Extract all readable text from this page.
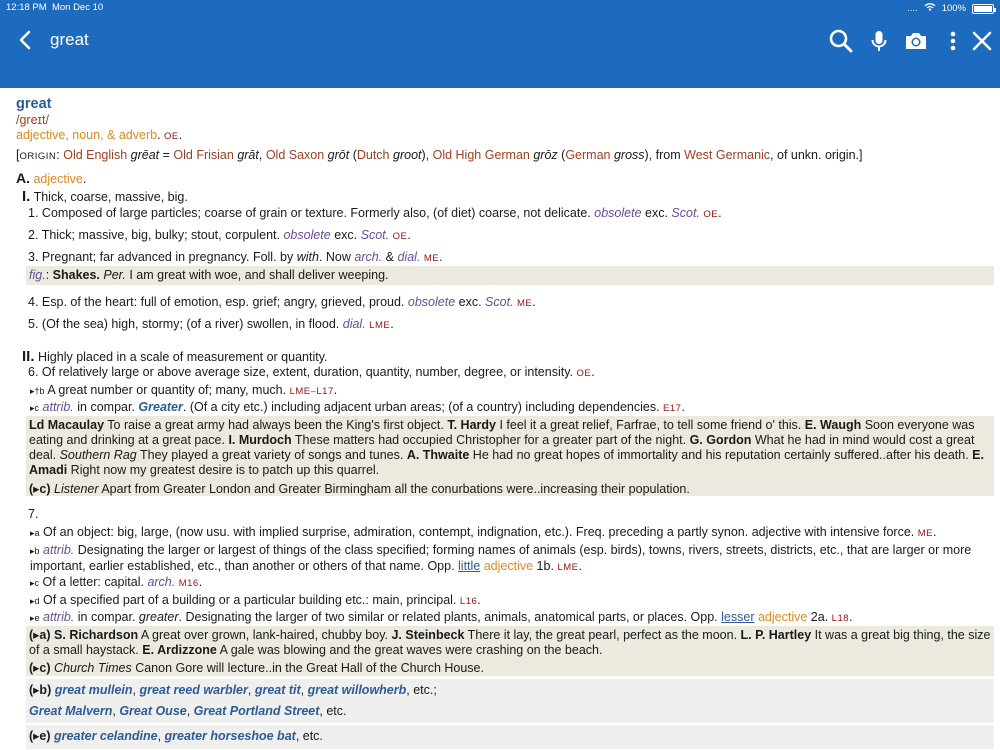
12:18 PM Mon Dec 10	....	100%
great
great
/greɪt/
adjective, noun, & adverb. OE.
[ORIGIN: Old English grēat = Old Frisian grāt, Old Saxon grōt (Dutch groot), Old High German grōz (German gross), from West Germanic, of unkn. origin.]
A. adjective.
I. Thick, coarse, massive, big.
1. Composed of large particles; coarse of grain or texture. Formerly also, (of diet) coarse, not delicate. obsolete exc. Scot. OE.
2. Thick; massive, big, bulky; stout, corpulent. obsolete exc. Scot. OE.
3. Pregnant; far advanced in pregnancy. Foll. by with. Now arch. & dial. ME.
fig.: Shakes. Per. I am great with woe, and shall deliver weeping.
4. Esp. of the heart: full of emotion, esp. grief; angry, grieved, proud. obsolete exc. Scot. ME.
5. (Of the sea) high, stormy; (of a river) swollen, in flood. dial. LME.
II. Highly placed in a scale of measurement or quantity.
6. Of relatively large or above average size, extent, duration, quantity, number, degree, or intensity. OE.
▸†b A great number or quantity of; many, much. LME–L17.
▸c attrib. in compar. Greater. (Of a city etc.) including adjacent urban areas; (of a country) including dependencies. E17.
Ld Macaulay To raise a great army had always been the King's first object. T. Hardy I feel it a great relief, Farfrae, to tell some friend o' this. E. Waugh Soon everyone was eating and drinking at a great pace. I. Murdoch These matters had occupied Christopher for a greater part of the night. G. Gordon What he had in mind would cost a great deal. Southern Rag They played a great variety of songs and tunes. A. Thwaite He had no great hopes of immortality and his reputation certainly suffered..after his death. E. Amadi Right now my greatest desire is to patch up this quarrel.
(▸c) Listener Apart from Greater London and Greater Birmingham all the conurbations were..increasing their population.
7.
▸a Of an object: big, large, (now usu. with implied surprise, admiration, contempt, indignation, etc.). Freq. preceding a partly synon. adjective with intensive force. ME.
▸b attrib. Designating the larger or largest of things of the class specified; forming names of animals (esp. birds), towns, rivers, streets, districts, etc., that are larger or more important, earlier established, etc., than another or others of that name. Opp. little adjective 1b. LME.
▸c Of a letter: capital. arch. M16.
▸d Of a specified part of a building or a particular building etc.: main, principal. L16.
▸e attrib. in compar. greater. Designating the larger of two similar or related plants, animals, anatomical parts, or places. Opp. lesser adjective 2a. L18.
(▸a) S. Richardson A great over grown, lank-haired, chubby boy. J. Steinbeck There it lay, the great pearl, perfect as the moon. L. P. Hartley It was a great big thing, the size of a small haystack. E. Ardizzone A gale was blowing and the great waves were crashing on the beach.
(▸c) Church Times Canon Gore will lecture..in the Great Hall of the Church House.
(▸b) great mullein, great reed warbler, great tit, great willowherb, etc.;
Great Malvern, Great Ouse, Great Portland Street, etc.
(▸e) greater celandine, greater horseshoe bat, etc.
